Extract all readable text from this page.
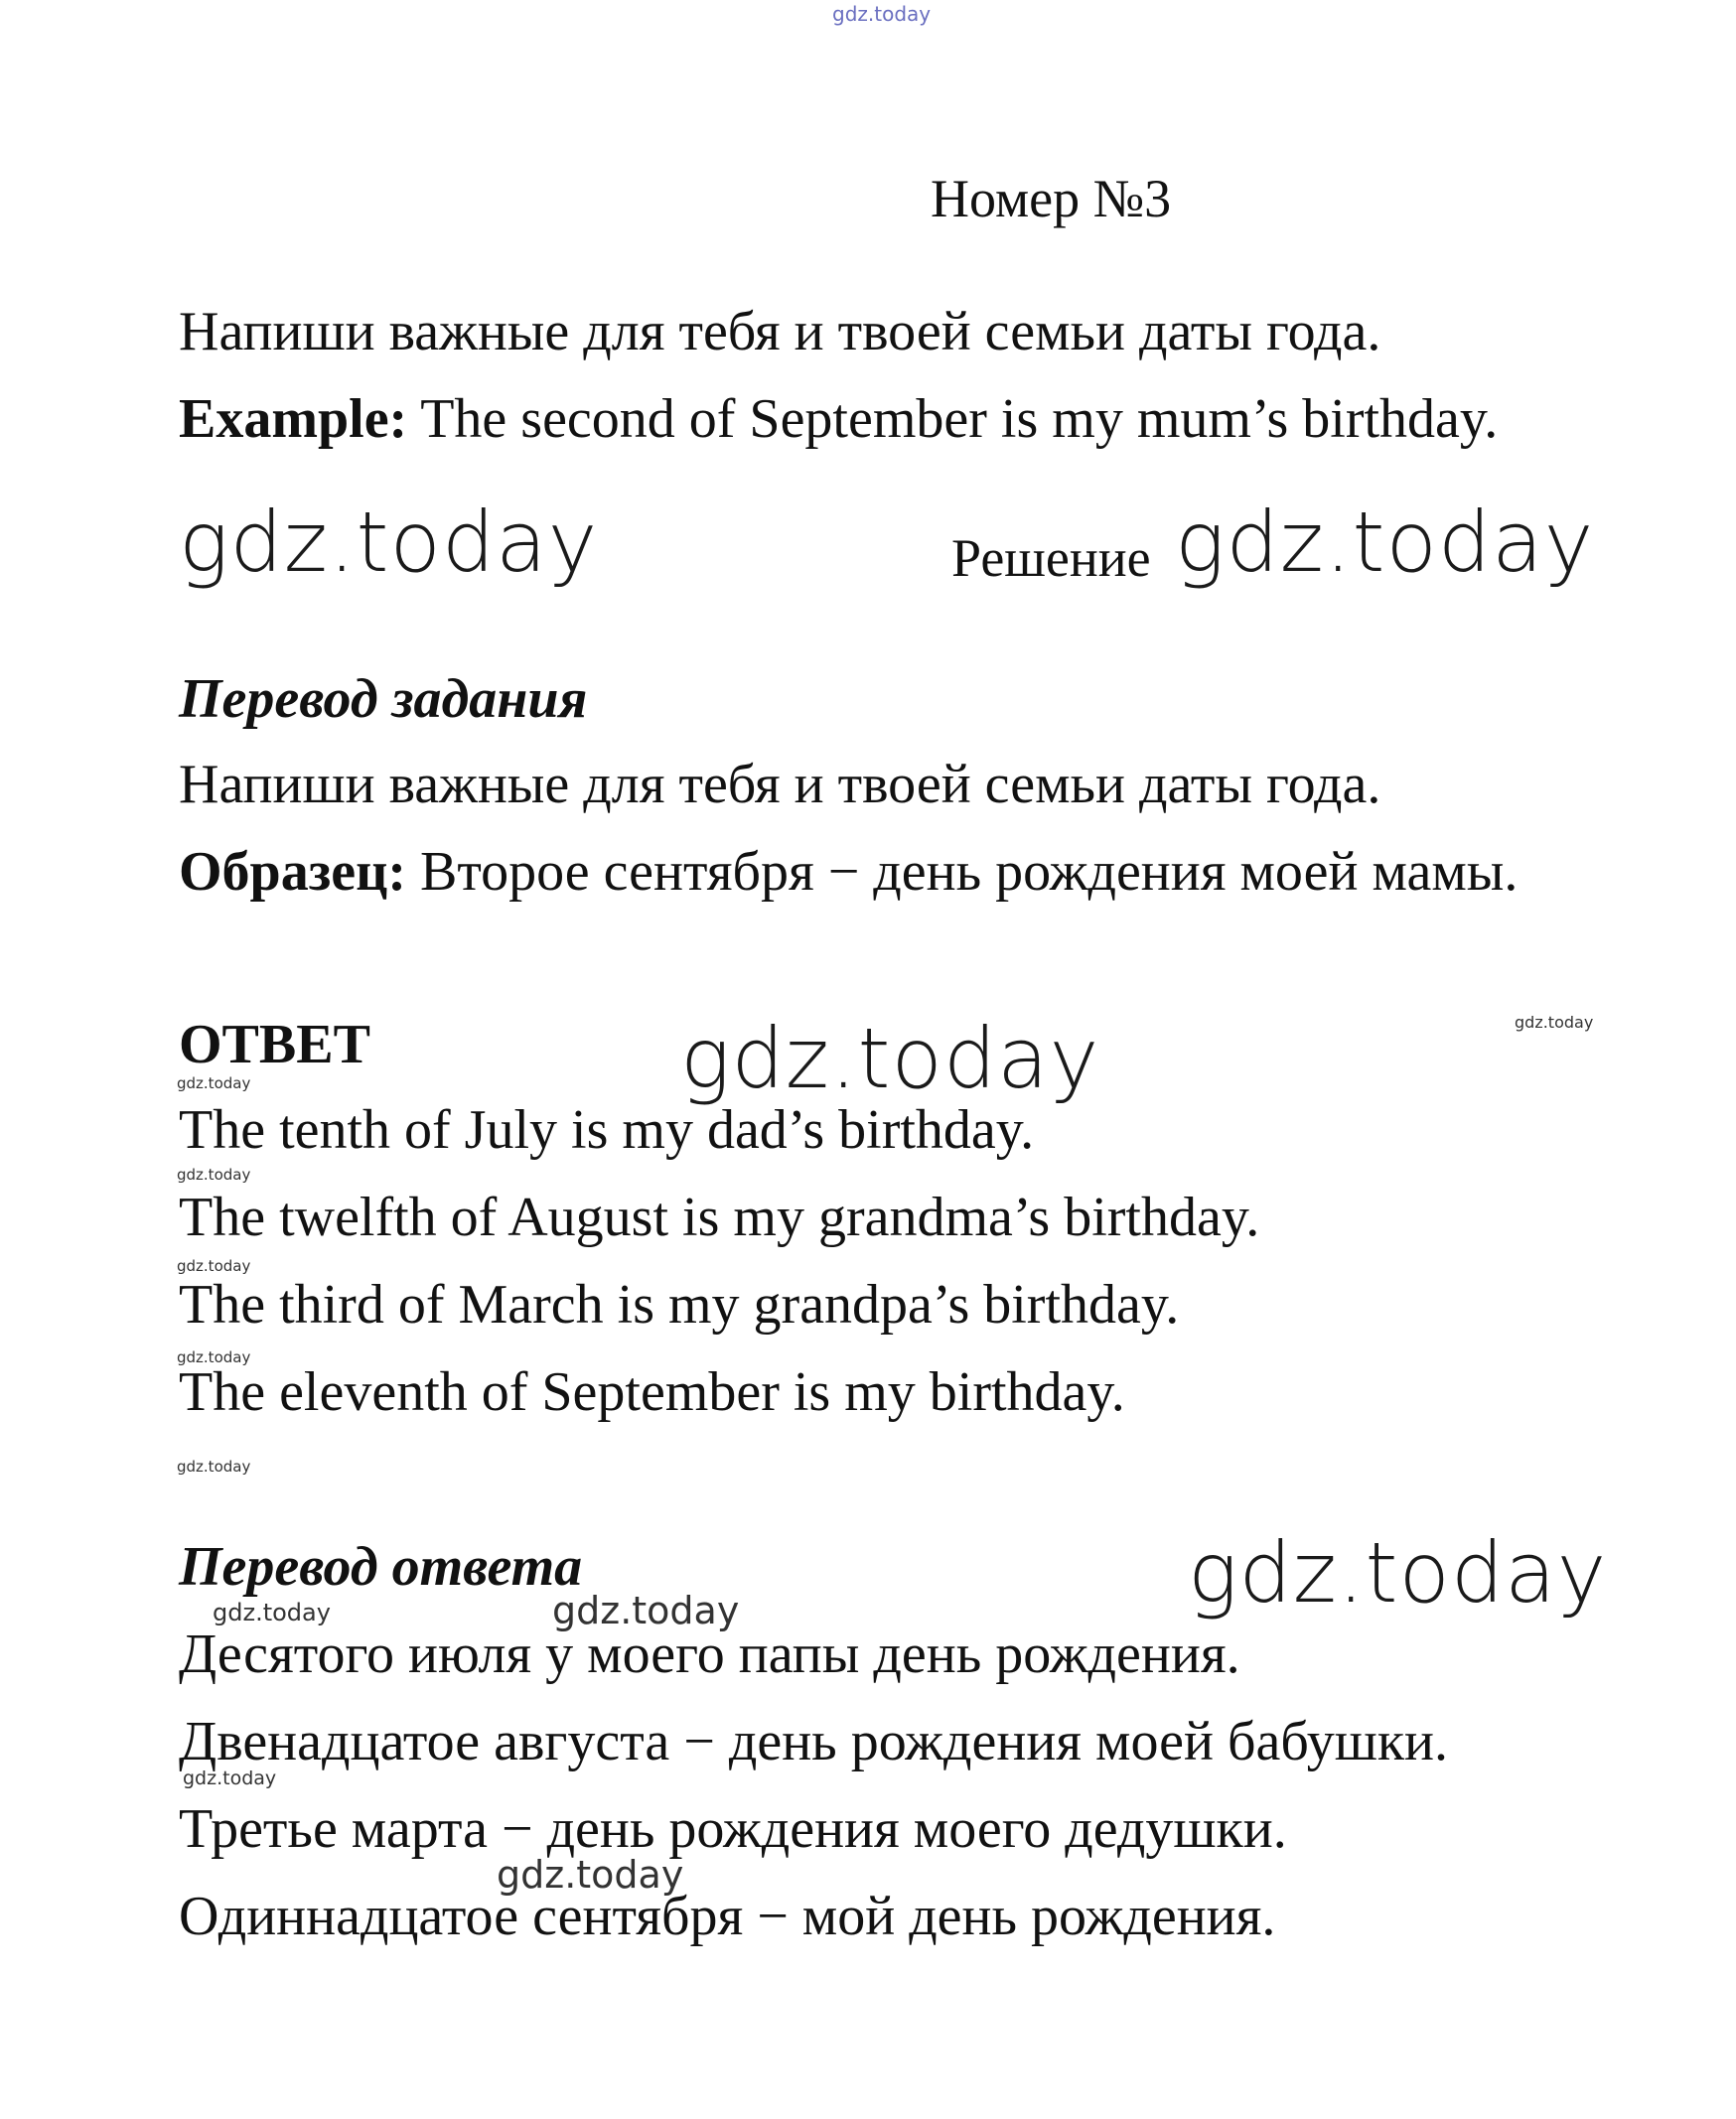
gdz.today
Номер №3
Напиши важные для тебя и твоей семьи даты года.
Example: The second of September is my mum’s birthday.
gdz.today	Решение gdz.today
Перевод задания
Напиши важные для тебя и твоей семьи даты года.
Образец: Второе сентября − день рождения моей мамы.
ОТВЕТ	gdz.today	gdz.today
gdz.today
The tenth of July is my dad’s birthday.
gdz.today
The twelfth of August is my grandma’s birthday.
gdz.today
The third of March is my grandpa’s birthday.
gdz.today
The eleventh of September is my birthday.
gdz.today
Перевод ответа	gdz.today
gdz.today	gdz.today
Десятого июля у моего папы день рождения.
Двенадцатое августа − день рождения моей бабушки.
gdz.today
Третье марта − день рождения моего дедушки.
gdz.today
Одиннадцатое сентября − мой день рождения.
